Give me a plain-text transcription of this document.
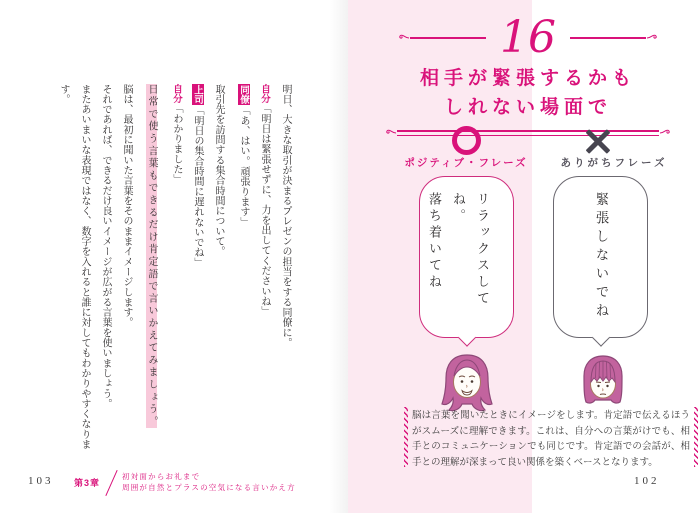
明日、大きな取引が決まるプレゼンの担当をする同僚に。

自分「明日は緊張せずに、力を出してくださいね」

同僚「あ、はい。頑張ります」

取引先を訪問する集合時間について。

上司「明日の集合時間に遅れないでね」

自分「わかりました」

日常で使う言葉もできるだけ肯定語で言いかえてみましょう。

脳は、最初に聞いた言葉をそのままイメージします。

それであれば、できるだけ良いイメージが広がる言葉を使いましょう。

またあいまいな表現ではなく、数字を入れると誰に対してもわかりやすくなります。

103 第3章
初対面からお礼まで
周囲が自然とプラスの空気になる言いかえ方
16
相手が緊張するかも
しれない場面で
ポジティブ・フレーズ	ありがちフレーズ
リラックスしてね。
落ち着いてね	緊張しないでね
脳は言葉を聞いたときにイメージをします。肯定語で伝えるほうがスムーズに理解できます。これは、自分への言葉がけでも、相手とのコミュニケーションでも同じです。肯定語での会話が、相手との理解が深まって良い関係を築くベースとなります。
102
